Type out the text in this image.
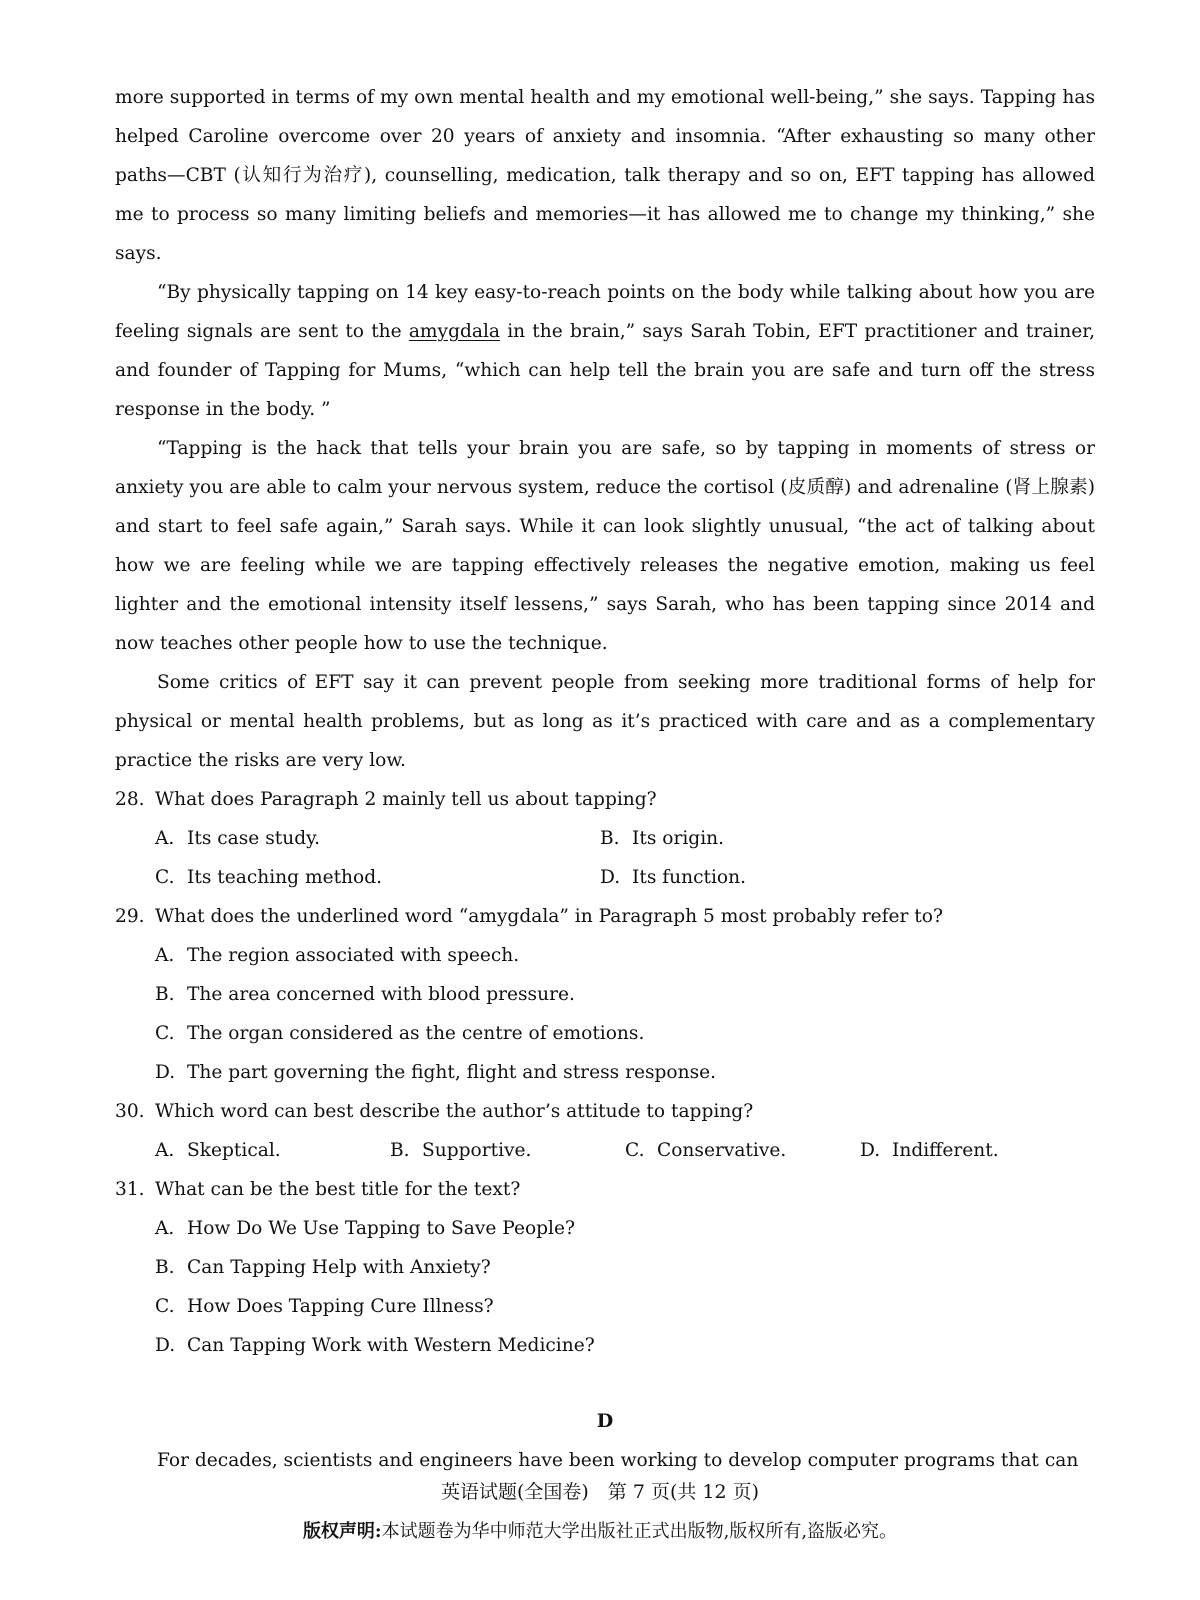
more supported in terms of my own mental health and my emotional well-being,” she says. Tapping has helped Caroline overcome over 20 years of anxiety and insomnia. “After exhausting so many other paths—CBT (认知行为治疗), counselling, medication, talk therapy and so on, EFT tapping has allowed me to process so many limiting beliefs and memories—it has allowed me to change my thinking,” she says.

“By physically tapping on 14 key easy-to-reach points on the body while talking about how you are feeling signals are sent to the amygdala in the brain,” says Sarah Tobin, EFT practitioner and trainer, and founder of Tapping for Mums, “which can help tell the brain you are safe and turn off the stress response in the body. ”

“Tapping is the hack that tells your brain you are safe, so by tapping in moments of stress or anxiety you are able to calm your nervous system, reduce the cortisol (皮质醇) and adrenaline (肾上腺素) and start to feel safe again,” Sarah says. While it can look slightly unusual, “the act of talking about how we are feeling while we are tapping effectively releases the negative emotion, making us feel lighter and the emotional intensity itself lessens,” says Sarah, who has been tapping since 2014 and now teaches other people how to use the technique.

Some critics of EFT say it can prevent people from seeking more traditional forms of help for physical or mental health problems, but as long as it’s practiced with care and as a complementary practice the risks are very low.

28. What does Paragraph 2 mainly tell us about tapping?
A. Its case study.	B. Its origin.
C. Its teaching method.	D. Its function.
29. What does the underlined word “amygdala” in Paragraph 5 most probably refer to?
A. The region associated with speech.
B. The area concerned with blood pressure.
C. The organ considered as the centre of emotions.
D. The part governing the fight, flight and stress response.
30. Which word can best describe the author’s attitude to tapping?
A. Skeptical.	B. Supportive.	C. Conservative.	D. Indifferent.
31. What can be the best title for the text?
A. How Do We Use Tapping to Save People?
B. Can Tapping Help with Anxiety?
C. How Does Tapping Cure Illness?
D. Can Tapping Work with Western Medicine?
D

For decades, scientists and engineers have been working to develop computer programs that can

英语试题(全国卷)　第 7 页(共 12 页)
版权声明:本试题卷为华中师范大学出版社正式出版物,版权所有,盗版必究。
